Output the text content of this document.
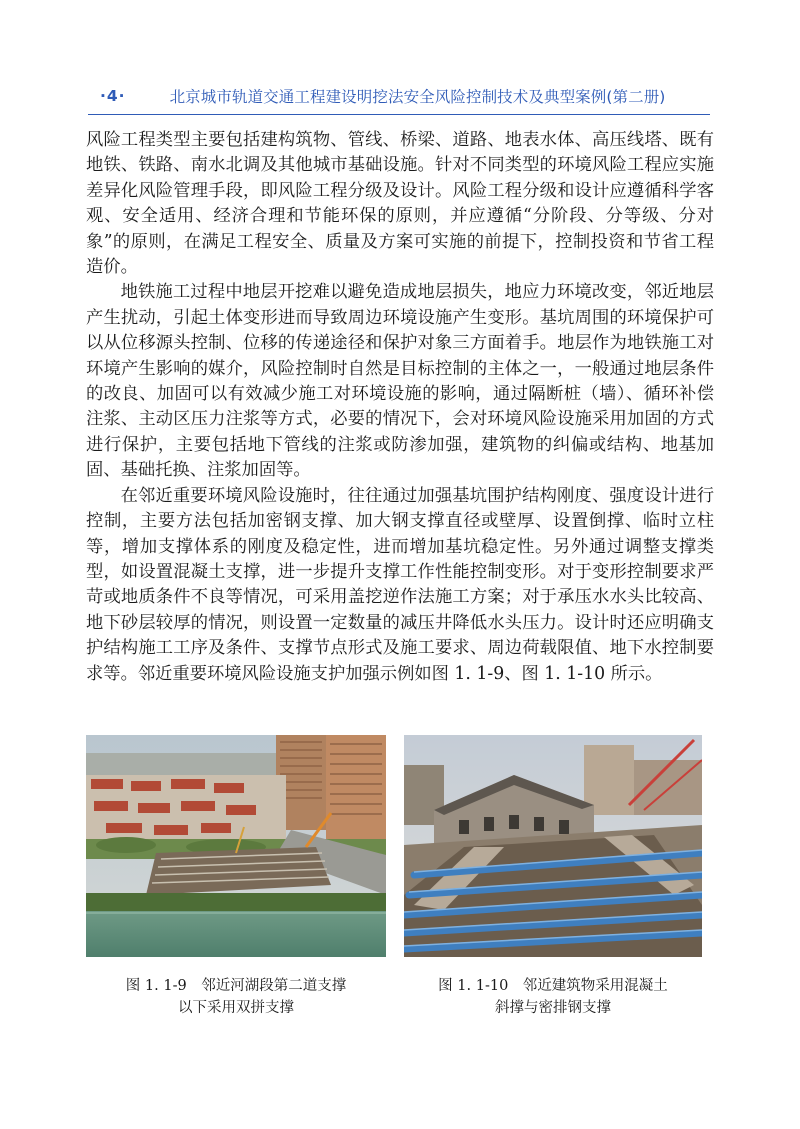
·4·	北京城市轨道交通工程建设明挖法安全风险控制技术及典型案例(第二册)

风险工程类型主要包括建构筑物、管线、桥梁、道路、地表水体、高压线塔、既有地铁、铁路、南水北调及其他城市基础设施。针对不同类型的环境风险工程应实施差异化风险管理手段，即风险工程分级及设计。风险工程分级和设计应遵循科学客观、安全适用、经济合理和节能环保的原则，并应遵循“分阶段、分等级、分对象”的原则，在满足工程安全、质量及方案可实施的前提下，控制投资和节省工程造价。

地铁施工过程中地层开挖难以避免造成地层损失，地应力环境改变，邻近地层产生扰动，引起土体变形进而导致周边环境设施产生变形。基坑周围的环境保护可以从位移源头控制、位移的传递途径和保护对象三方面着手。地层作为地铁施工对环境产生影响的媒介，风险控制时自然是目标控制的主体之一，一般通过地层条件的改良、加固可以有效减少施工对环境设施的影响，通过隔断桩（墙）、循环补偿注浆、主动区压力注浆等方式，必要的情况下，会对环境风险设施采用加固的方式进行保护，主要包括地下管线的注浆或防渗加强，建筑物的纠偏或结构、地基加固、基础托换、注浆加固等。

在邻近重要环境风险设施时，往往通过加强基坑围护结构刚度、强度设计进行控制，主要方法包括加密钢支撑、加大钢支撑直径或壁厚、设置倒撑、临时立柱等，增加支撑体系的刚度及稳定性，进而增加基坑稳定性。另外通过调整支撑类型，如设置混凝土支撑，进一步提升支撑工作性能控制变形。对于变形控制要求严苛或地质条件不良等情况，可采用盖挖逆作法施工方案；对于承压水水头比较高、地下砂层较厚的情况，则设置一定数量的减压井降低水头压力。设计时还应明确支护结构施工工序及条件、支撑节点形式及施工要求、周边荷载限值、地下水控制要求等。邻近重要环境风险设施支护加强示例如图 1. 1-9、图 1. 1-10 所示。

图 1. 1-9　邻近河湖段第二道支撑
以下采用双拼支撑
图 1. 1-10　邻近建筑物采用混凝土
斜撑与密排钢支撑
